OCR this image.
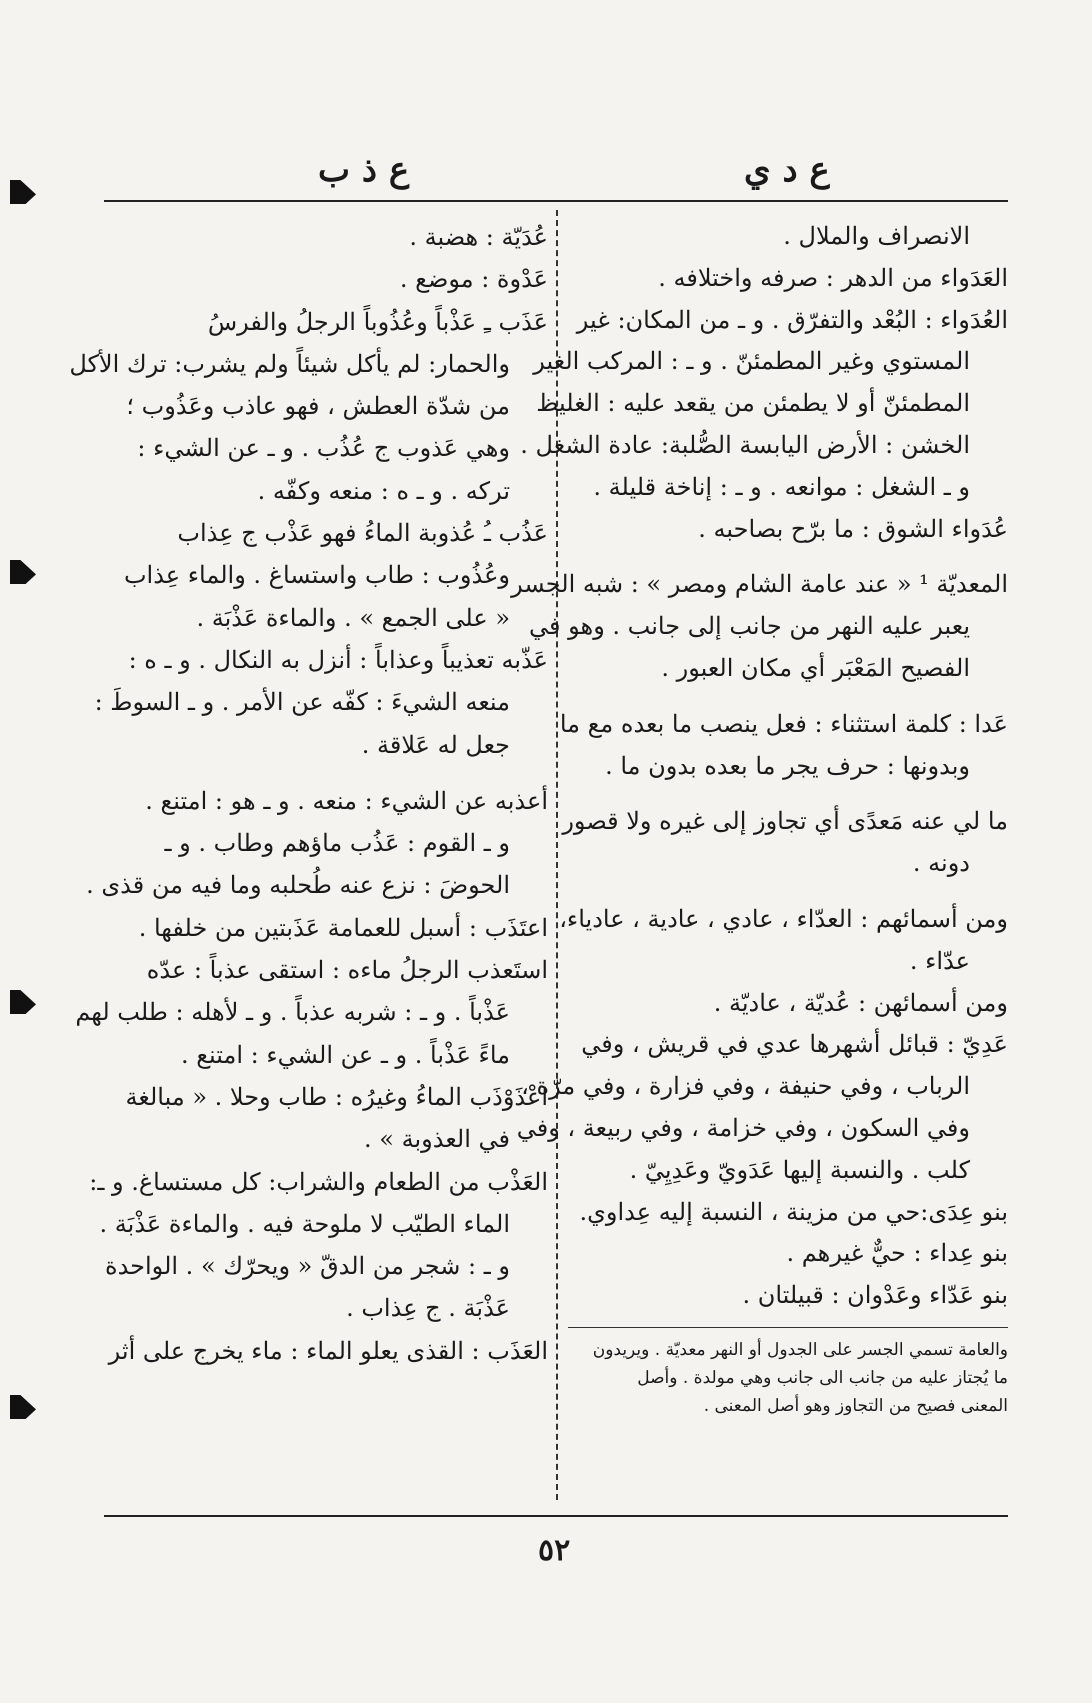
ع ذ ب	ع د ي
الانصراف والملال .
العَدَواء من الدهر : صرفه واختلافه .
العُدَواء : البُعْد والتفرّق . و ـ من المكان: غير
المستوي وغير المطمئنّ . و ـ : المركب الغير
المطمئنّ أو لا يطمئن من يقعد عليه : الغليظ
الخشن : الأرض اليابسة الصُّلبة: عادة الشغل .
و ـ الشغل : موانعه . و ـ : إناخة قليلة .
عُدَواء الشوق : ما برّح بصاحبه .
المعديّة ¹ « عند عامة الشام ومصر » : شبه الجسر
يعبر عليه النهر من جانب إلى جانب . وهو في
الفصيح المَعْبَر أي مكان العبور .
عَدا : كلمة استثناء : فعل ينصب ما بعده مع ما
وبدونها : حرف يجر ما بعده بدون ما .
ما لي عنه مَعدًى أي تجاوز إلى غيره ولا قصور
دونه .
ومن أسمائهم : العدّاء ، عادي ، عادية ، عادياء،
عدّاء .
ومن أسمائهن : عُديّة ، عاديّة .
عَدِيّ : قبائل أشهرها عدي في قريش ، وفي
الرباب ، وفي حنيفة ، وفي فزارة ، وفي مرّة ،
وفي السكون ، وفي خزامة ، وفي ربيعة ، وفي
كلب . والنسبة إليها عَدَويّ وعَدِيِيّ .
بنو عِدَى:حي من مزينة ، النسبة إليه عِداوي.
بنو عِداء : حيٌّ غيرهم .
بنو عَدّاء وعَدْوان : قبيلتان .
والعامة تسمي الجسر على الجدول أو النهر معديّة . ويريدون
ما يُجتاز عليه من جانب الى جانب وهي مولدة . وأصل
المعنى فصيح من التجاوز وهو أصل المعنى .
عُدَيّة : هضبة .
عَدْوة : موضع .
عَذَب ـِ عَذْباً وعُذُوباً الرجلُ والفرسُ
والحمار: لم يأكل شيئاً ولم يشرب: ترك الأكل
من شدّة العطش ، فهو عاذب وعَذُوب ؛
وهي عَذوب ج عُذُب . و ـ عن الشيء :
تركه . و ـ ه : منعه وكفّه .
عَذُب ـُ عُذوبة الماءُ فهو عَذْب ج عِذاب
وعُذُوب : طاب واستساغ . والماء عِذاب
« على الجمع » . والماءة عَذْبَة .
عَذّبه تعذيباً وعذاباً : أنزل به النكال . و ـ ه :
منعه الشيءَ : كفّه عن الأمر . و ـ السوطَ :
جعل له عَلاقة .
أعذبه عن الشيء : منعه . و ـ هو : امتنع .
و ـ القوم : عَذُب ماؤهم وطاب . و ـ
الحوضَ : نزع عنه طُحلبه وما فيه من قذى .
اعتَذَب : أسبل للعمامة عَذَبتين من خلفها .
استَعذب الرجلُ ماءه : استقى عذباً : عدّه
عَذْباً . و ـ : شربه عذباً . و ـ لأهله : طلب لهم
ماءً عَذْباً . و ـ عن الشيء : امتنع .
اعْذَوْذَب الماءُ وغيرُه : طاب وحلا . « مبالغة
في العذوبة » .
العَذْب من الطعام والشراب: كل مستساغ. و ـ:
الماء الطيّب لا ملوحة فيه . والماءة عَذْبَة .
و ـ : شجر من الدقّ « ويحرّك » . الواحدة
عَذْبَة . ج عِذاب .
العَذَب : القذى يعلو الماء : ماء يخرج على أثر
٥٢
